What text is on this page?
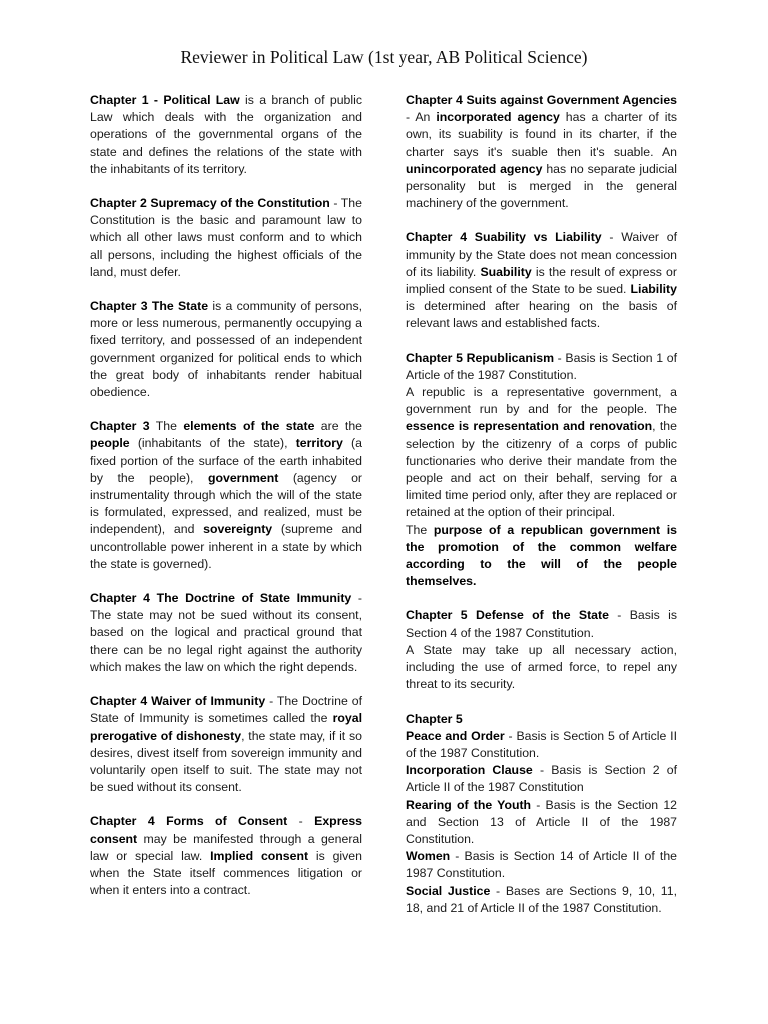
Reviewer in Political Law (1st year, AB Political Science)

Chapter 1 - Political Law is a branch of public Law which deals with the organization and operations of the governmental organs of the state and defines the relations of the state with the inhabitants of its territory.

Chapter 2 Supremacy of the Constitution - The Constitution is the basic and paramount law to which all other laws must conform and to which all persons, including the highest officials of the land, must defer.

Chapter 3 The State is a community of persons, more or less numerous, permanently occupying a fixed territory, and possessed of an independent government organized for political ends to which the great body of inhabitants render habitual obedience.

Chapter 3 The elements of the state are the people (inhabitants of the state), territory (a fixed portion of the surface of the earth inhabited by the people), government (agency or instrumentality through which the will of the state is formulated, expressed, and realized, must be independent), and sovereignty (supreme and uncontrollable power inherent in a state by which the state is governed).

Chapter 4 The Doctrine of State Immunity - The state may not be sued without its consent, based on the logical and practical ground that there can be no legal right against the authority which makes the law on which the right depends.

Chapter 4 Waiver of Immunity - The Doctrine of State of Immunity is sometimes called the royal prerogative of dishonesty, the state may, if it so desires, divest itself from sovereign immunity and voluntarily open itself to suit. The state may not be sued without its consent.

Chapter 4 Forms of Consent - Express consent may be manifested through a general law or special law. Implied consent is given when the State itself commences litigation or when it enters into a contract.

Chapter 4 Suits against Government Agencies - An incorporated agency has a charter of its own, its suability is found in its charter, if the charter says it's suable then it's suable. An unincorporated agency has no separate judicial personality but is merged in the general machinery of the government.

Chapter 4 Suability vs Liability - Waiver of immunity by the State does not mean concession of its liability. Suability is the result of express or implied consent of the State to be sued. Liability is determined after hearing on the basis of relevant laws and established facts.

Chapter 5 Republicanism - Basis is Section 1 of Article of the 1987 Constitution.

A republic is a representative government, a government run by and for the people. The essence is representation and renovation, the selection by the citizenry of a corps of public functionaries who derive their mandate from the people and act on their behalf, serving for a limited time period only, after they are replaced or retained at the option of their principal.

The purpose of a republican government is the promotion of the common welfare according to the will of the people themselves.

Chapter 5 Defense of the State - Basis is Section 4 of the 1987 Constitution.

A State may take up all necessary action, including the use of armed force, to repel any threat to its security.

Chapter 5

Peace and Order - Basis is Section 5 of Article II of the 1987 Constitution.

Incorporation Clause - Basis is Section 2 of Article II of the 1987 Constitution

Rearing of the Youth - Basis is the Section 12 and Section 13 of Article II of the 1987 Constitution.

Women - Basis is Section 14 of Article II of the 1987 Constitution.

Social Justice - Bases are Sections 9, 10, 11, 18, and 21 of Article II of the 1987 Constitution.
